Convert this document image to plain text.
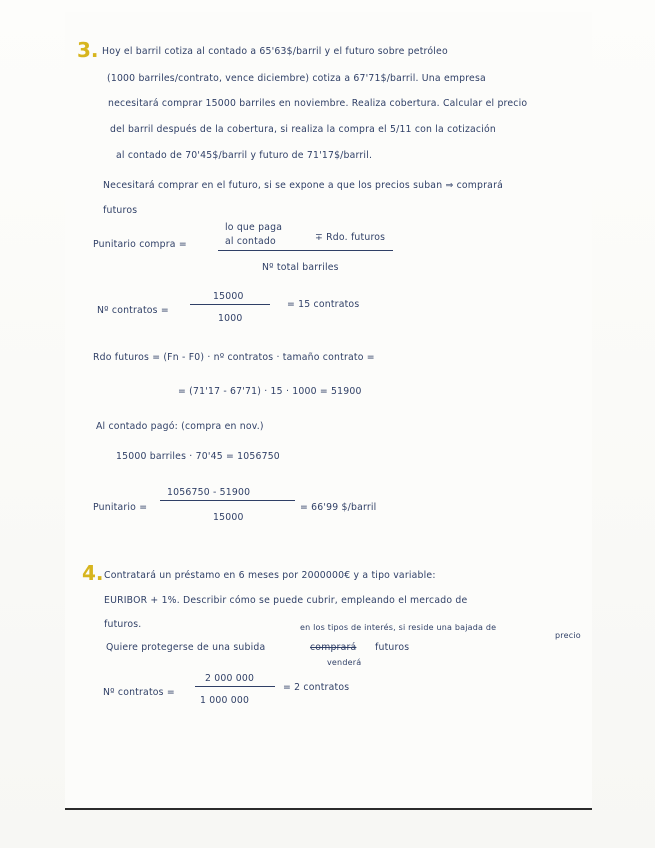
3. Hoy el barril cotiza al contado a 65'63$/barril y el futuro sobre petróleo

(1000 barriles/contrato, vence diciembre) cotiza a 67'71$/barril. Una empresa

necesitará comprar 15000 barriles en noviembre. Realiza cobertura. Calcular el precio

del barril después de la cobertura, si realiza la compra el 5/11 con la cotización

al contado de 70'45$/barril y futuro de 71'17$/barril.

Necesitará comprar en el futuro, si se expone a que los precios suban ⇒ comprará

futuros

Punitario compra =

lo que paga

al contado	∓ Rdo. futuros

Nº total barriles

Nº contratos =

15000

1000

= 15 contratos

Rdo futuros = (Fn - F0) · nº contratos · tamaño contrato =

= (71'17 - 67'71) · 15 · 1000 = 51900

Al contado pagó: (compra en nov.)

15000 barriles · 70'45 = 1056750

Punitario =

1056750 - 51900

15000

= 66'99 $/barril

4. Contratará un préstamo en 6 meses por 2000000€ y a tipo variable:

EURIBOR + 1%. Describir cómo se puede cubrir, empleando el mercado de

futuros.	en los tipos de interés, si reside una bajada de

precio

Quiere protegerse de una subida	comprará futuros

venderá

Nº contratos =

2 000 000

1 000 000

= 2 contratos
